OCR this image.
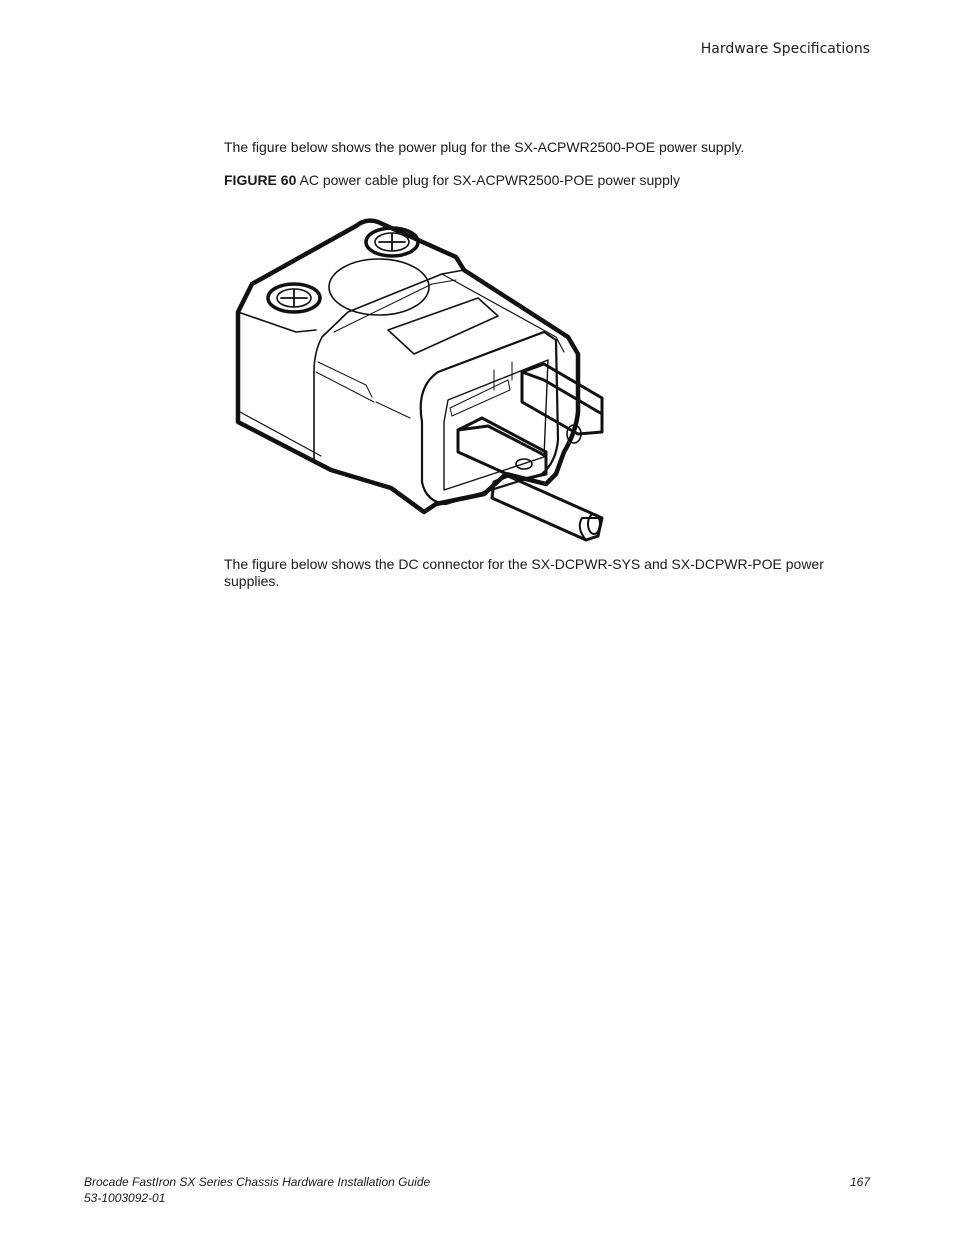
Hardware Specifications
The figure below shows the power plug for the SX-ACPWR2500-POE power supply.
FIGURE 60 AC power cable plug for SX-ACPWR2500-POE power supply
The figure below shows the DC connector for the SX-DCPWR-SYS and SX-DCPWR-POE power supplies.
Brocade FastIron SX Series Chassis Hardware Installation Guide
53-1003092-01
167
